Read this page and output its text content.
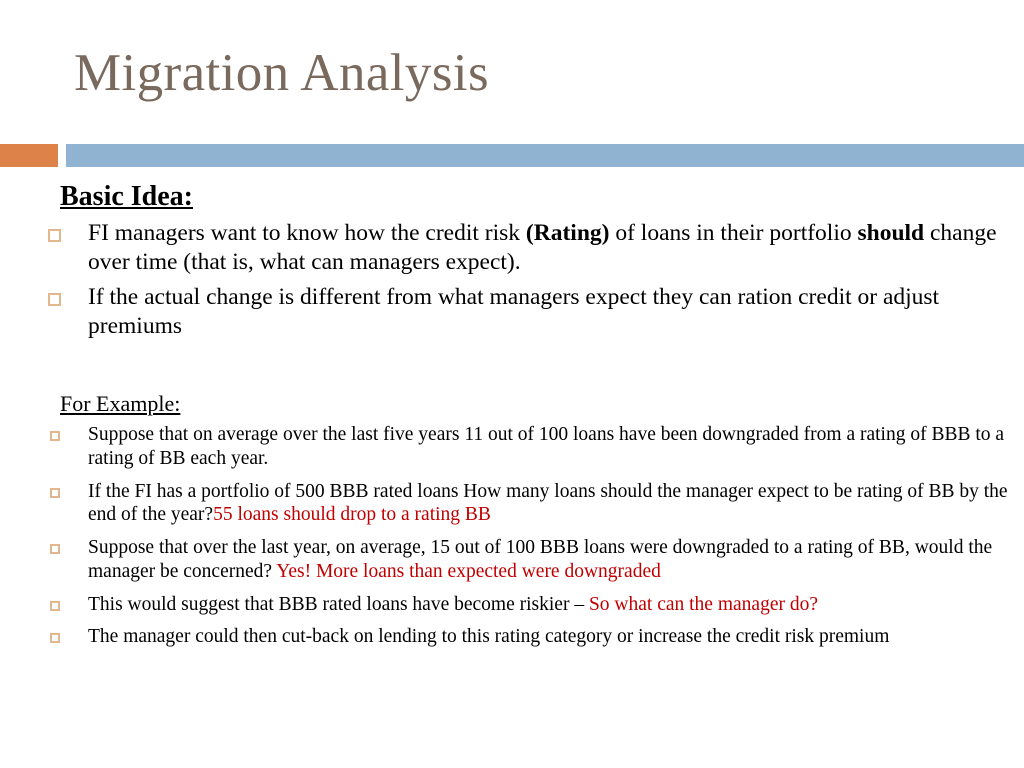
Migration Analysis
Basic Idea:
FI managers want to know how the credit risk (Rating) of loans in their portfolio should change over time (that is, what can managers expect).
If the actual change is different from what managers expect they can ration credit or adjust premiums
For Example:
Suppose that on average over the last five years 11 out of 100 loans have been downgraded from a rating of BBB to a rating of BB each year.
If the FI has a portfolio of 500 BBB rated loans How many loans should the manager expect to be rating of BB by the end of the year?55 loans should drop to a rating BB
Suppose that over the last year, on average, 15 out of 100 BBB loans were downgraded to a rating of BB, would the manager be concerned? Yes! More loans than expected were downgraded
This would suggest that BBB rated loans have become riskier – So what can the manager do?
The manager could then cut-back on lending to this rating category or increase the credit risk premium
